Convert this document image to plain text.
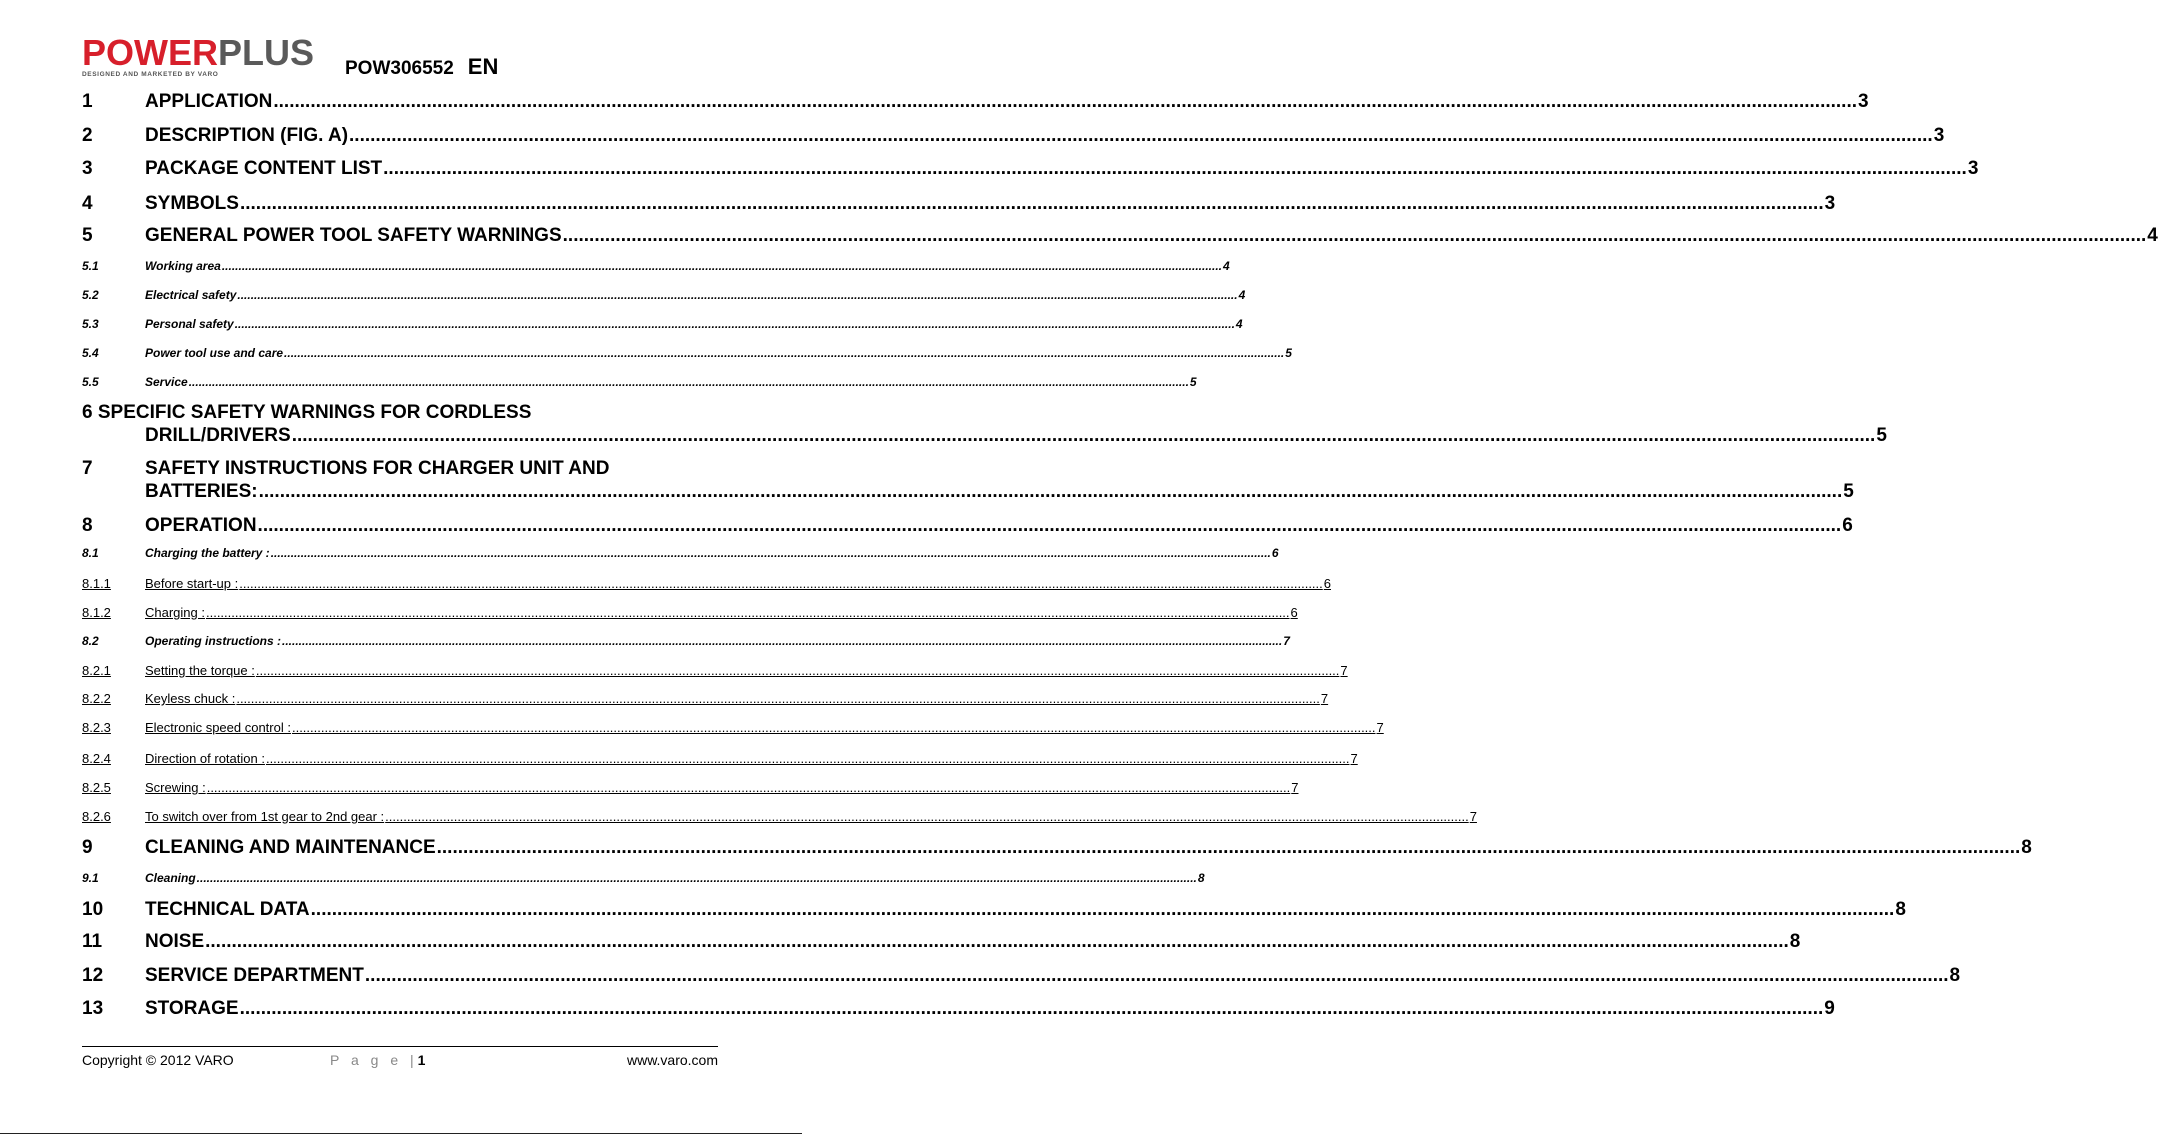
POWERPLUS
DESIGNED AND MARKETED BY VARO	POW306552 EN
1	APPLICATION ............................................................................................................................................................................................................................................................................................................ 3
2	DESCRIPTION (FIG. A) ............................................................................................................................................................................................................................................................................................................ 3
3	PACKAGE CONTENT LIST ............................................................................................................................................................................................................................................................................................................ 3
4	SYMBOLS ............................................................................................................................................................................................................................................................................................................ 3
5	GENERAL POWER TOOL SAFETY WARNINGS ............................................................................................................................................................................................................................................................................................................ 4
5.1	Working area ............................................................................................................................................................................................................................................................................................................ 4
5.2	Electrical safety ............................................................................................................................................................................................................................................................................................................ 4
5.3	Personal safety ............................................................................................................................................................................................................................................................................................................ 4
5.4	Power tool use and care ............................................................................................................................................................................................................................................................................................................ 5
5.5	Service ............................................................................................................................................................................................................................................................................................................ 5
6 SPECIFIC SAFETY WARNINGS FOR CORDLESS
DRILL/DRIVERS ............................................................................................................................................................................................................................................................................................................ 5
7	SAFETY INSTRUCTIONS FOR CHARGER UNIT AND
BATTERIES: ............................................................................................................................................................................................................................................................................................................ 5
8	OPERATION ............................................................................................................................................................................................................................................................................................................ 6
8.1	Charging the battery : ............................................................................................................................................................................................................................................................................................................ 6
8.1.1	Before start-up : ............................................................................................................................................................................................................................................................................................................ 6
8.1.2	Charging : ............................................................................................................................................................................................................................................................................................................ 6
8.2	Operating instructions : ............................................................................................................................................................................................................................................................................................................ 7
8.2.1	Setting the torque : ............................................................................................................................................................................................................................................................................................................ 7
8.2.2	Keyless chuck : ............................................................................................................................................................................................................................................................................................................ 7
8.2.3	Electronic speed control : ............................................................................................................................................................................................................................................................................................................ 7
8.2.4	Direction of rotation : ............................................................................................................................................................................................................................................................................................................ 7
8.2.5	Screwing : ............................................................................................................................................................................................................................................................................................................ 7
8.2.6	To switch over from 1st gear to 2nd gear : ............................................................................................................................................................................................................................................................................................................ 7
9	CLEANING AND MAINTENANCE ............................................................................................................................................................................................................................................................................................................ 8
9.1	Cleaning ............................................................................................................................................................................................................................................................................................................ 8
10	TECHNICAL DATA ............................................................................................................................................................................................................................................................................................................ 8
11	NOISE ............................................................................................................................................................................................................................................................................................................ 8
12	SERVICE DEPARTMENT ............................................................................................................................................................................................................................................................................................................ 8
13	STORAGE ............................................................................................................................................................................................................................................................................................................ 9
Copyright © 2012 VARO	P a g e |1	www.varo.com
